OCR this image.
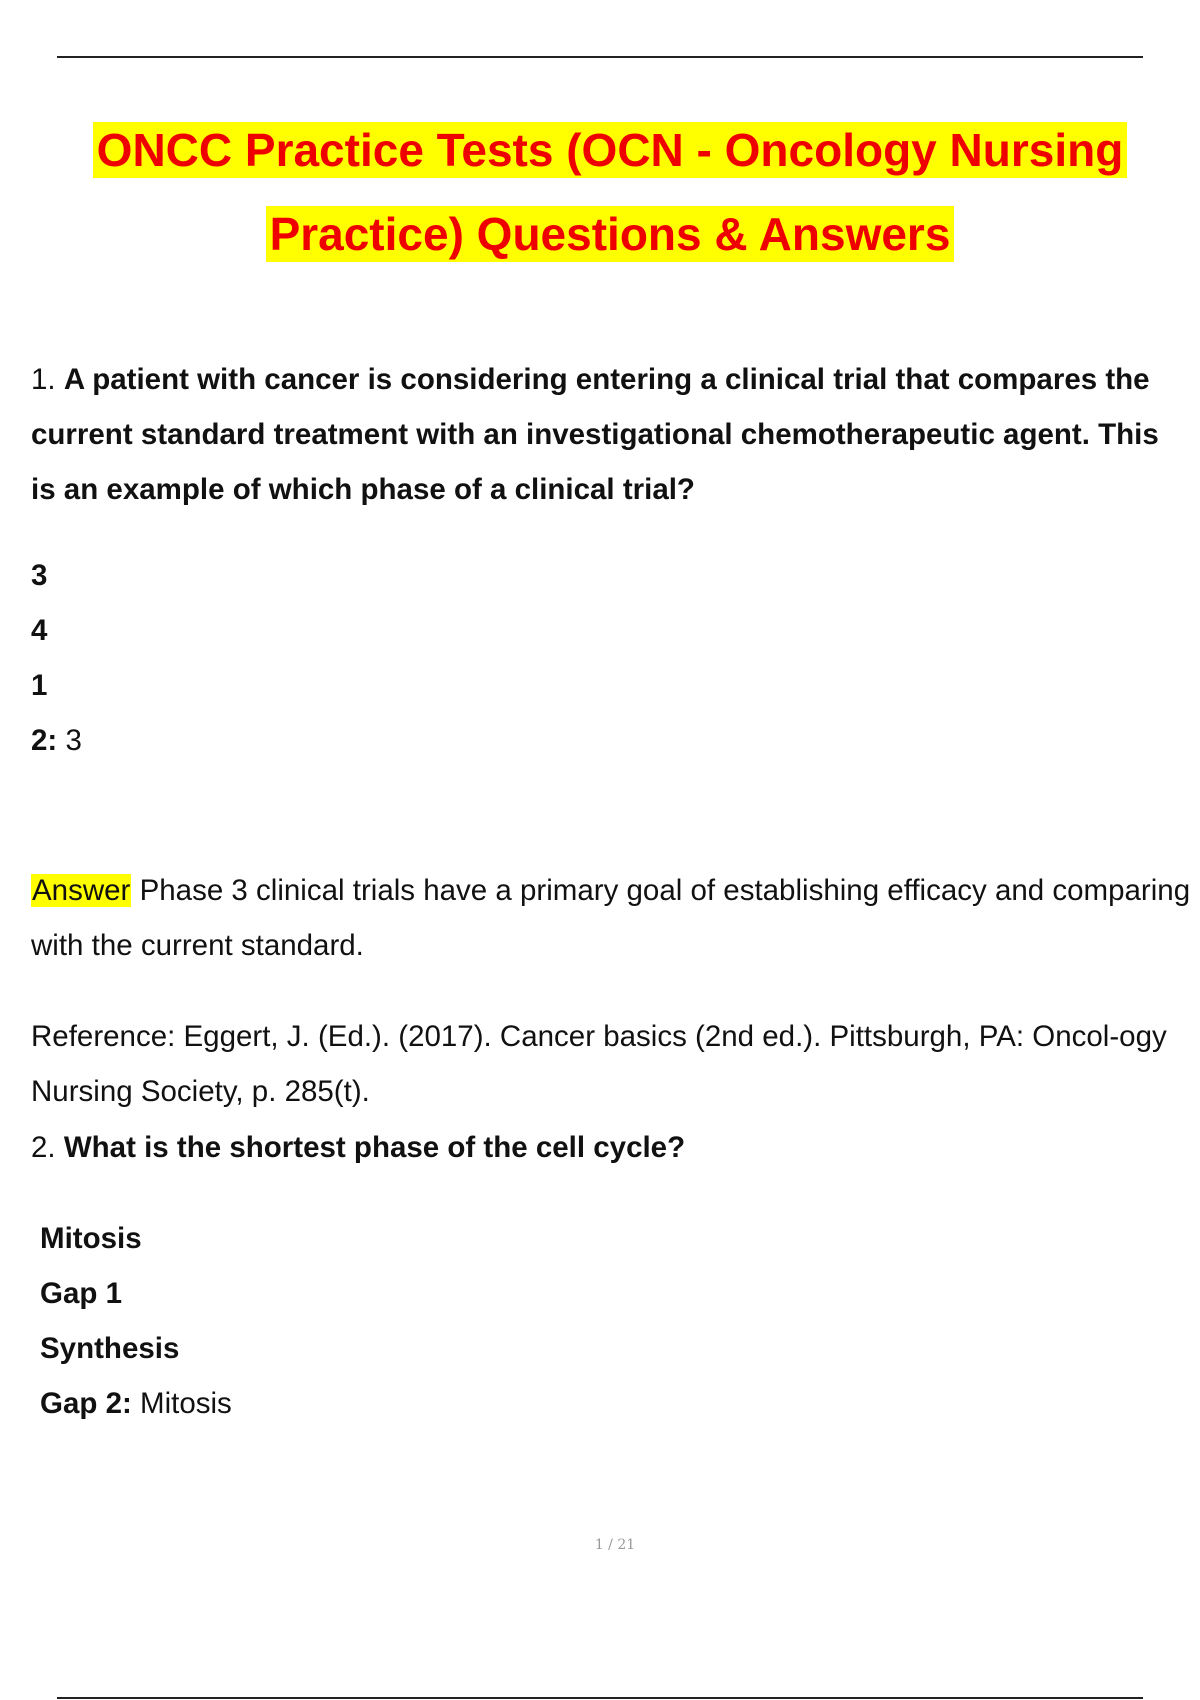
ONCC Practice Tests (OCN - Oncology Nursing
Practice) Questions & Answers
1. A patient with cancer is considering entering a clinical trial that compares the current standard treatment with an investigational chemotherapeutic agent. This is an example of which phase of a clinical trial?
3
4
1
2: 3
Answer Phase 3 clinical trials have a primary goal of establishing efficacy and comparing with the current standard.
Reference: Eggert, J. (Ed.). (2017). Cancer basics (2nd ed.). Pittsburgh, PA: Oncol-ogy Nursing Society, p. 285(t).
2. What is the shortest phase of the cell cycle?
Mitosis
Gap 1
Synthesis
Gap 2: Mitosis
1 / 21
